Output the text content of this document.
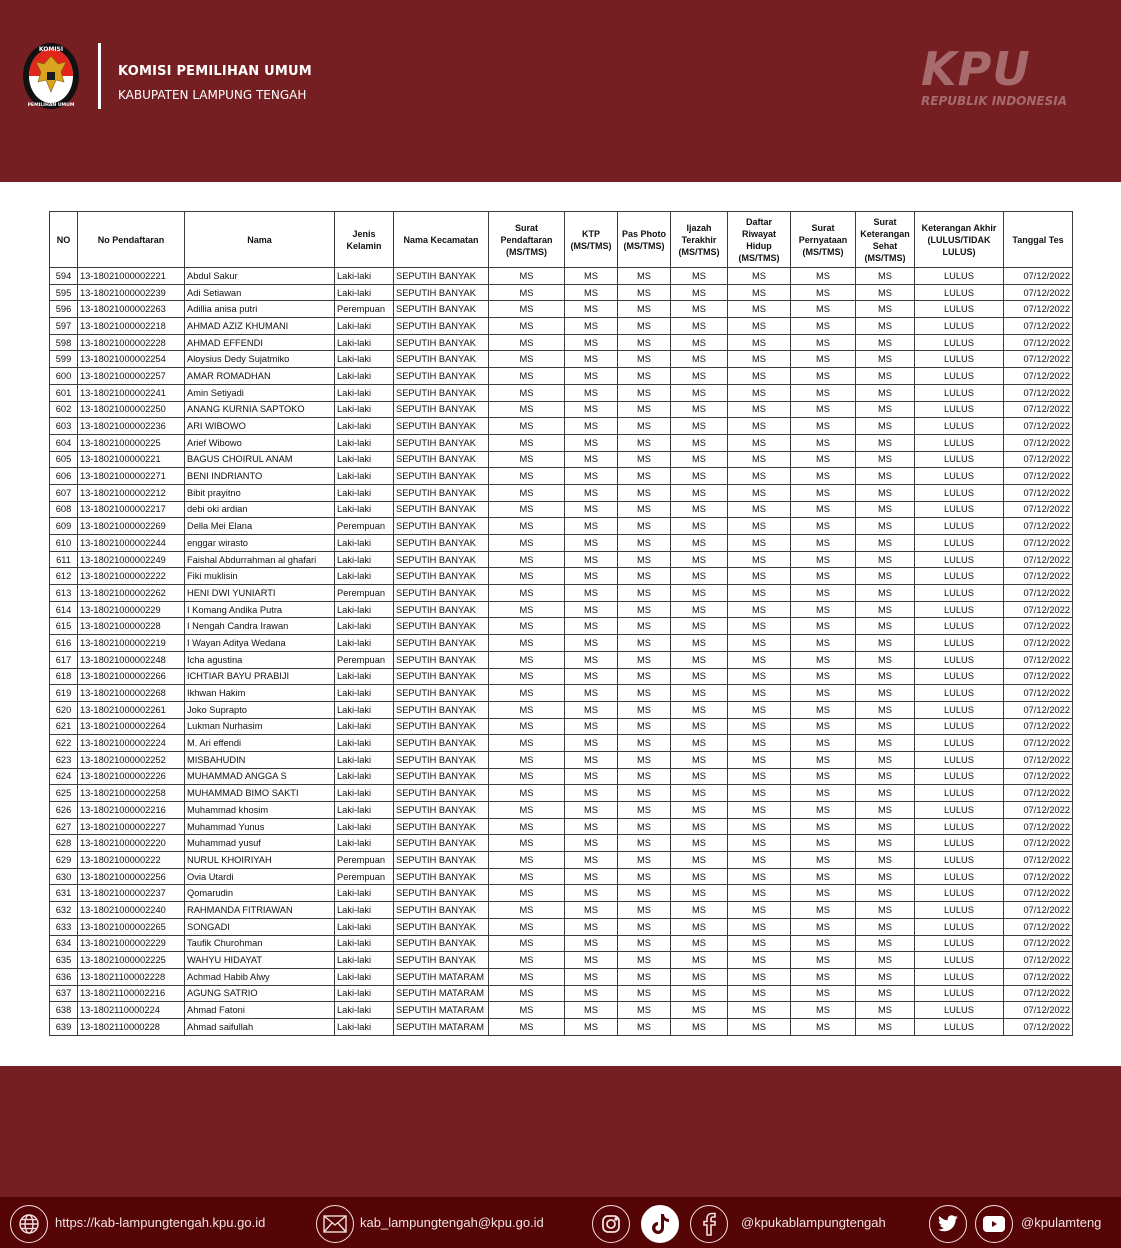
KOMISI
PEMILIHAN UMUM
KOMISI PEMILIHAN UMUM
KABUPATEN LAMPUNG TENGAH	KPU
REPUBLIK INDONESIA
NO	No Pendaftaran	Nama	Jenis Kelamin	Nama Kecamatan	Surat Pendaftaran (MS/TMS)	KTP (MS/TMS)	Pas Photo (MS/TMS)	Ijazah Terakhir (MS/TMS)	Daftar Riwayat Hidup (MS/TMS)	Surat Pernyataan (MS/TMS)	Surat Keterangan Sehat (MS/TMS)	Keterangan Akhir (LULUS/TIDAK LULUS)	Tanggal Tes
594	13-18021000002221	Abdul Sakur	Laki-laki	SEPUTIH BANYAK	MS	MS	MS	MS	MS	MS	MS	LULUS	07/12/2022
595	13-18021000002239	Adi Setiawan	Laki-laki	SEPUTIH BANYAK	MS	MS	MS	MS	MS	MS	MS	LULUS	07/12/2022
596	13-18021000002263	Adillia anisa putri	Perempuan	SEPUTIH BANYAK	MS	MS	MS	MS	MS	MS	MS	LULUS	07/12/2022
597	13-18021000002218	AHMAD AZIZ KHUMANI	Laki-laki	SEPUTIH BANYAK	MS	MS	MS	MS	MS	MS	MS	LULUS	07/12/2022
598	13-18021000002228	AHMAD EFFENDI	Laki-laki	SEPUTIH BANYAK	MS	MS	MS	MS	MS	MS	MS	LULUS	07/12/2022
599	13-18021000002254	Aloysius Dedy Sujatmiko	Laki-laki	SEPUTIH BANYAK	MS	MS	MS	MS	MS	MS	MS	LULUS	07/12/2022
600	13-18021000002257	AMAR ROMADHAN	Laki-laki	SEPUTIH BANYAK	MS	MS	MS	MS	MS	MS	MS	LULUS	07/12/2022
601	13-18021000002241	Amin Setiyadi	Laki-laki	SEPUTIH BANYAK	MS	MS	MS	MS	MS	MS	MS	LULUS	07/12/2022
602	13-18021000002250	ANANG KURNIA SAPTOKO	Laki-laki	SEPUTIH BANYAK	MS	MS	MS	MS	MS	MS	MS	LULUS	07/12/2022
603	13-18021000002236	ARI WIBOWO	Laki-laki	SEPUTIH BANYAK	MS	MS	MS	MS	MS	MS	MS	LULUS	07/12/2022
604	13-1802100000225	Arief Wibowo	Laki-laki	SEPUTIH BANYAK	MS	MS	MS	MS	MS	MS	MS	LULUS	07/12/2022
605	13-1802100000221	BAGUS CHOIRUL ANAM	Laki-laki	SEPUTIH BANYAK	MS	MS	MS	MS	MS	MS	MS	LULUS	07/12/2022
606	13-18021000002271	BENI INDRIANTO	Laki-laki	SEPUTIH BANYAK	MS	MS	MS	MS	MS	MS	MS	LULUS	07/12/2022
607	13-18021000002212	Bibit prayitno	Laki-laki	SEPUTIH BANYAK	MS	MS	MS	MS	MS	MS	MS	LULUS	07/12/2022
608	13-18021000002217	debi oki ardian	Laki-laki	SEPUTIH BANYAK	MS	MS	MS	MS	MS	MS	MS	LULUS	07/12/2022
609	13-18021000002269	Della Mei Elana	Perempuan	SEPUTIH BANYAK	MS	MS	MS	MS	MS	MS	MS	LULUS	07/12/2022
610	13-18021000002244	enggar wirasto	Laki-laki	SEPUTIH BANYAK	MS	MS	MS	MS	MS	MS	MS	LULUS	07/12/2022
611	13-18021000002249	Faishal Abdurrahman al ghafari	Laki-laki	SEPUTIH BANYAK	MS	MS	MS	MS	MS	MS	MS	LULUS	07/12/2022
612	13-18021000002222	Fiki muklisin	Laki-laki	SEPUTIH BANYAK	MS	MS	MS	MS	MS	MS	MS	LULUS	07/12/2022
613	13-18021000002262	HENI DWI YUNIARTI	Perempuan	SEPUTIH BANYAK	MS	MS	MS	MS	MS	MS	MS	LULUS	07/12/2022
614	13-1802100000229	I Komang Andika Putra	Laki-laki	SEPUTIH BANYAK	MS	MS	MS	MS	MS	MS	MS	LULUS	07/12/2022
615	13-1802100000228	I Nengah Candra Irawan	Laki-laki	SEPUTIH BANYAK	MS	MS	MS	MS	MS	MS	MS	LULUS	07/12/2022
616	13-18021000002219	I Wayan Aditya Wedana	Laki-laki	SEPUTIH BANYAK	MS	MS	MS	MS	MS	MS	MS	LULUS	07/12/2022
617	13-18021000002248	Icha agustina	Perempuan	SEPUTIH BANYAK	MS	MS	MS	MS	MS	MS	MS	LULUS	07/12/2022
618	13-18021000002266	ICHTIAR BAYU PRABIJI	Laki-laki	SEPUTIH BANYAK	MS	MS	MS	MS	MS	MS	MS	LULUS	07/12/2022
619	13-18021000002268	Ikhwan Hakim	Laki-laki	SEPUTIH BANYAK	MS	MS	MS	MS	MS	MS	MS	LULUS	07/12/2022
620	13-18021000002261	Joko Suprapto	Laki-laki	SEPUTIH BANYAK	MS	MS	MS	MS	MS	MS	MS	LULUS	07/12/2022
621	13-18021000002264	Lukman Nurhasim	Laki-laki	SEPUTIH BANYAK	MS	MS	MS	MS	MS	MS	MS	LULUS	07/12/2022
622	13-18021000002224	M. Ari effendi	Laki-laki	SEPUTIH BANYAK	MS	MS	MS	MS	MS	MS	MS	LULUS	07/12/2022
623	13-18021000002252	MISBAHUDIN	Laki-laki	SEPUTIH BANYAK	MS	MS	MS	MS	MS	MS	MS	LULUS	07/12/2022
624	13-18021000002226	MUHAMMAD ANGGA S	Laki-laki	SEPUTIH BANYAK	MS	MS	MS	MS	MS	MS	MS	LULUS	07/12/2022
625	13-18021000002258	MUHAMMAD BIMO SAKTI	Laki-laki	SEPUTIH BANYAK	MS	MS	MS	MS	MS	MS	MS	LULUS	07/12/2022
626	13-18021000002216	Muhammad khosim	Laki-laki	SEPUTIH BANYAK	MS	MS	MS	MS	MS	MS	MS	LULUS	07/12/2022
627	13-18021000002227	Muhammad Yunus	Laki-laki	SEPUTIH BANYAK	MS	MS	MS	MS	MS	MS	MS	LULUS	07/12/2022
628	13-18021000002220	Muhammad yusuf	Laki-laki	SEPUTIH BANYAK	MS	MS	MS	MS	MS	MS	MS	LULUS	07/12/2022
629	13-1802100000222	NURUL KHOIRIYAH	Perempuan	SEPUTIH BANYAK	MS	MS	MS	MS	MS	MS	MS	LULUS	07/12/2022
630	13-18021000002256	Ovia Utardi	Perempuan	SEPUTIH BANYAK	MS	MS	MS	MS	MS	MS	MS	LULUS	07/12/2022
631	13-18021000002237	Qomarudin	Laki-laki	SEPUTIH BANYAK	MS	MS	MS	MS	MS	MS	MS	LULUS	07/12/2022
632	13-18021000002240	RAHMANDA FITRIAWAN	Laki-laki	SEPUTIH BANYAK	MS	MS	MS	MS	MS	MS	MS	LULUS	07/12/2022
633	13-18021000002265	SONGADI	Laki-laki	SEPUTIH BANYAK	MS	MS	MS	MS	MS	MS	MS	LULUS	07/12/2022
634	13-18021000002229	Taufik Churohman	Laki-laki	SEPUTIH BANYAK	MS	MS	MS	MS	MS	MS	MS	LULUS	07/12/2022
635	13-18021000002225	WAHYU HIDAYAT	Laki-laki	SEPUTIH BANYAK	MS	MS	MS	MS	MS	MS	MS	LULUS	07/12/2022
636	13-18021100002228	Achmad Habib Alwy	Laki-laki	SEPUTIH MATARAM	MS	MS	MS	MS	MS	MS	MS	LULUS	07/12/2022
637	13-18021100002216	AGUNG SATRIO	Laki-laki	SEPUTIH MATARAM	MS	MS	MS	MS	MS	MS	MS	LULUS	07/12/2022
638	13-1802110000224	Ahmad Fatoni	Laki-laki	SEPUTIH MATARAM	MS	MS	MS	MS	MS	MS	MS	LULUS	07/12/2022
639	13-1802110000228	Ahmad saifullah	Laki-laki	SEPUTIH MATARAM	MS	MS	MS	MS	MS	MS	MS	LULUS	07/12/2022
https://kab-lampungtengah.kpu.go.id	kab_lampungtengah@kpu.go.id	@kpukablampungtengah	@kpulamteng
